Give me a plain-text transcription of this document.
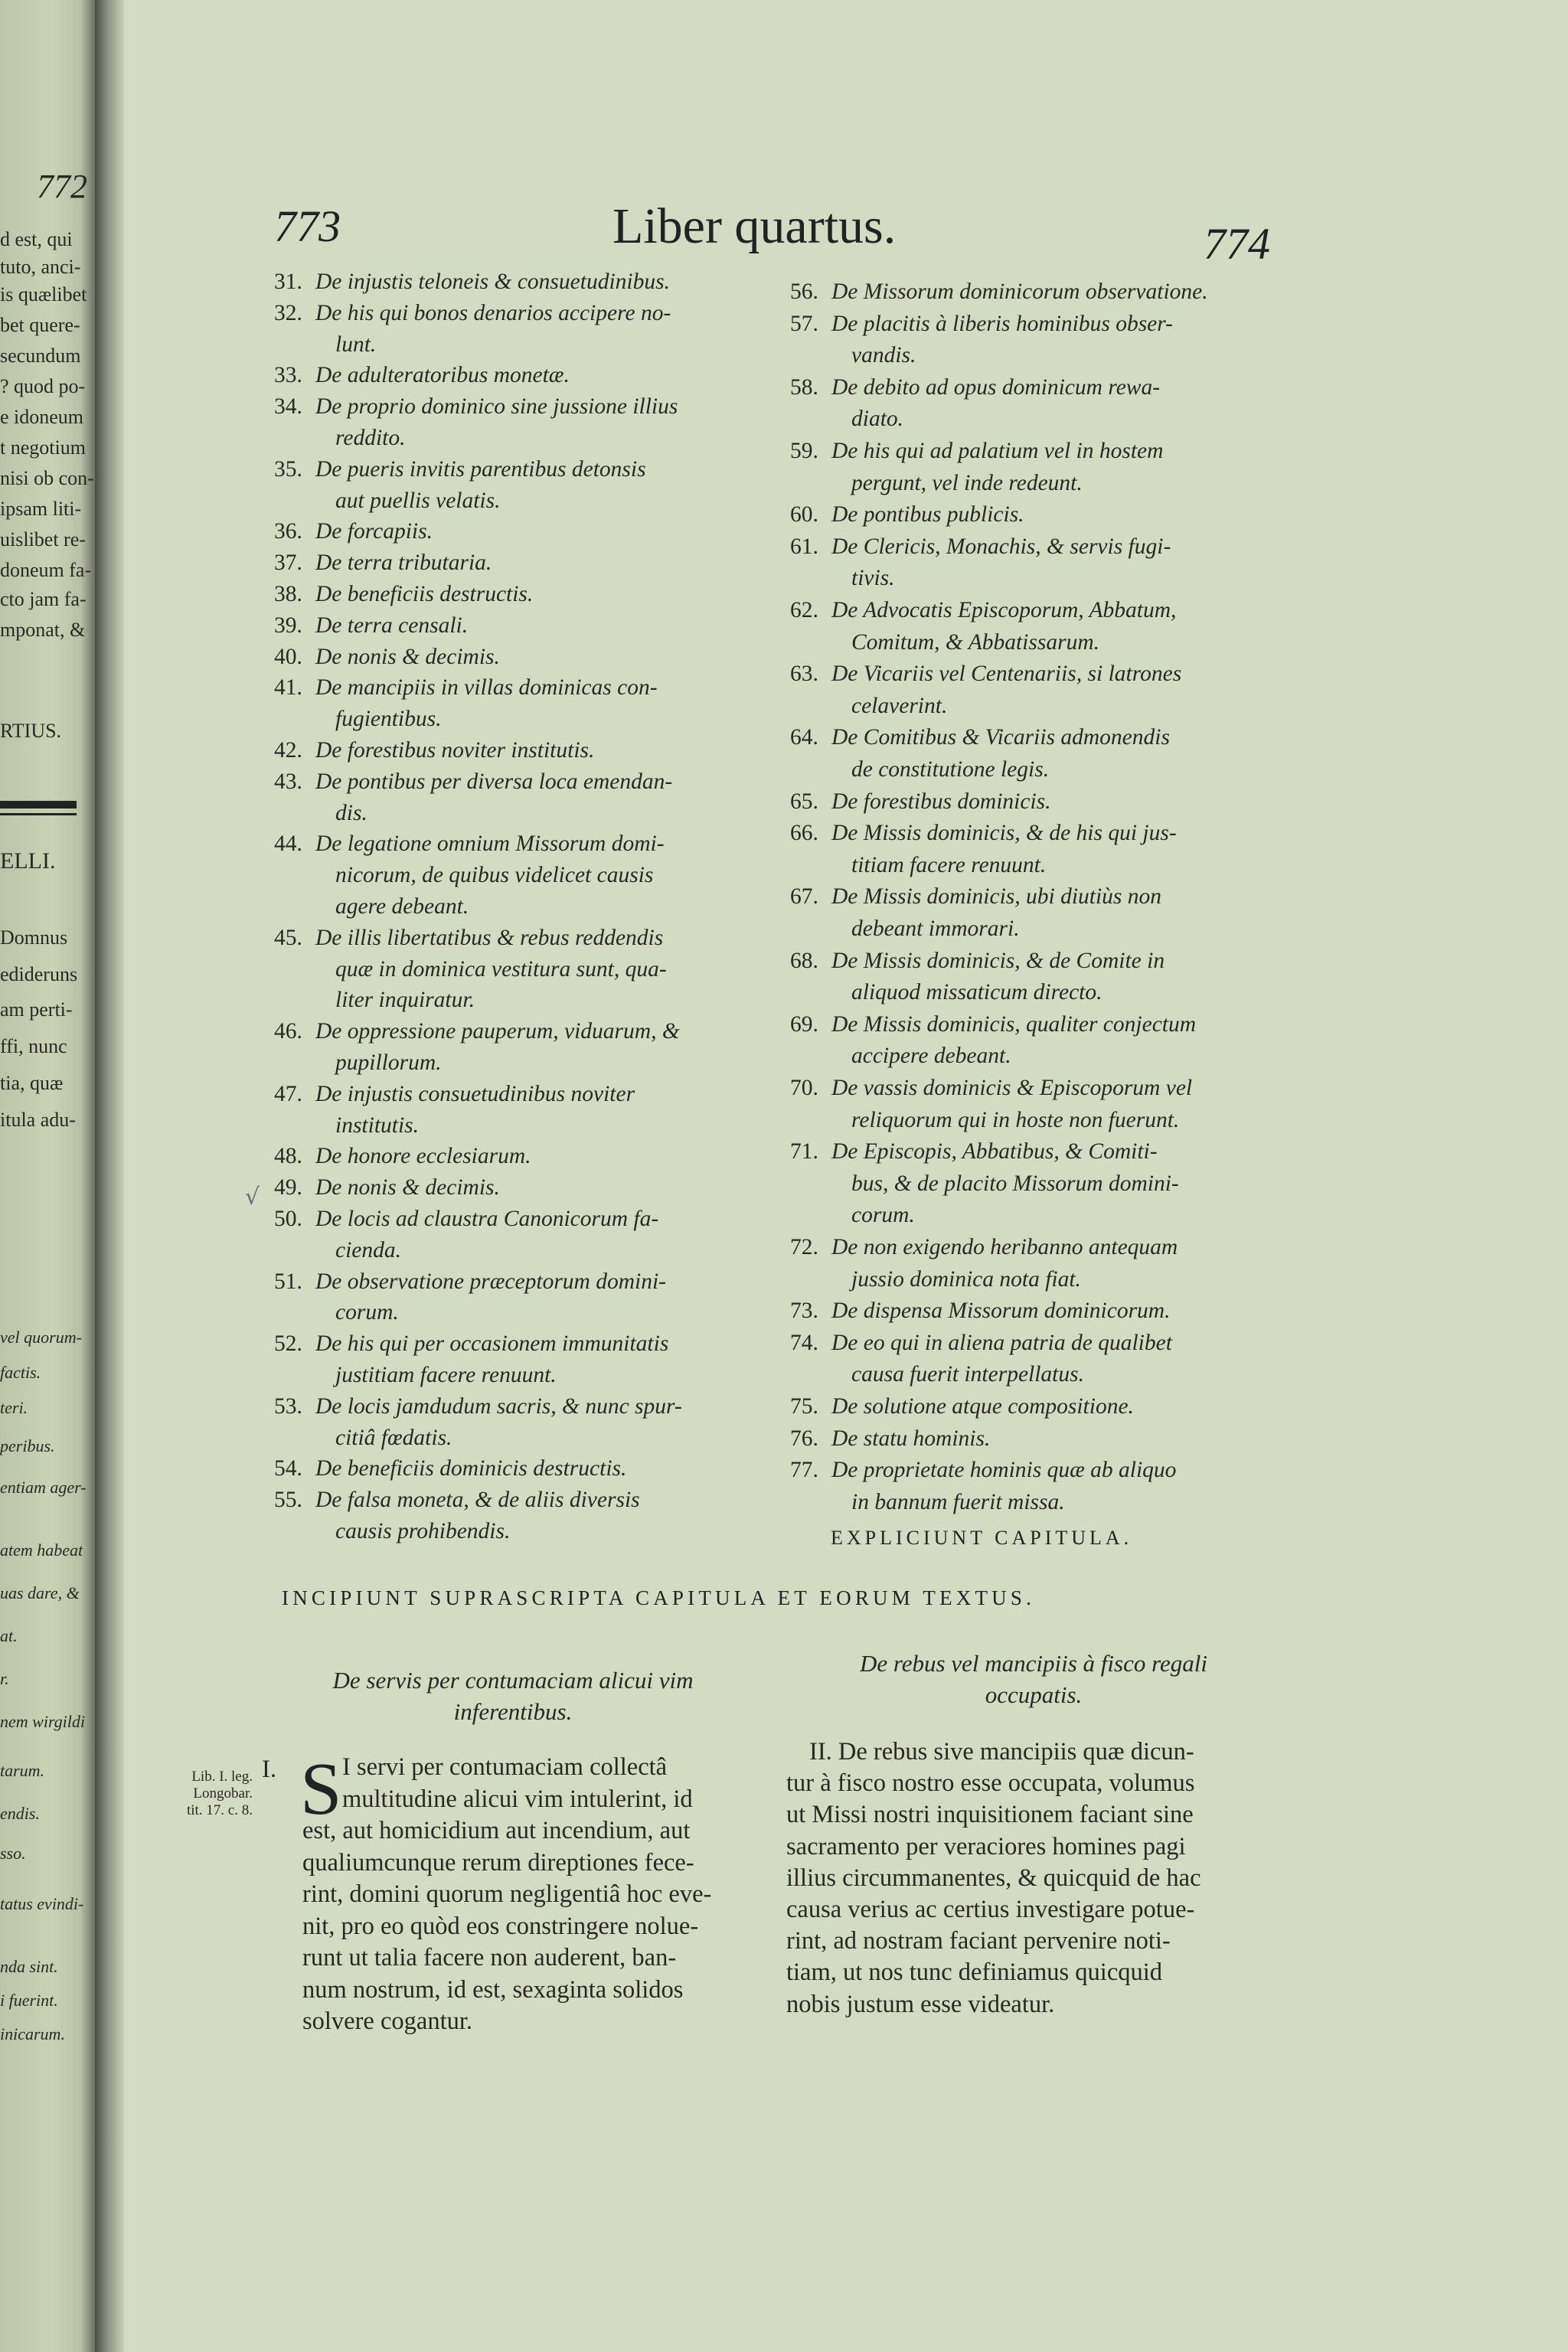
772
d est, qui
tuto, anci-
is quælibet
bet quere-
secundum
? quod po-
e idoneum
t negotium
nisi ob con-
ipsam liti-
uislibet re-
doneum fa-
cto jam fa-
mponat, &
RTIUS.
ELLI.
Domnus
edideruns
am perti-
ffi, nunc
tia, quæ
itula adu-
vel quorum-
factis.
teri.
peribus.
entiam ager-
atem habeat
uas dare, &
at.
r.
nem wirgildi
tarum.
endis.
sso.
tatus evindi-
nda sint.
i fuerint.
inicarum.
773	Liber quartus.	774
31. De injustis teloneis & consuetudinibus.
32. De his qui bonos denarios accipere no-
lunt.
33. De adulteratoribus monetæ.
34. De proprio dominico sine jussione illius
reddito.
35. De pueris invitis parentibus detonsis
aut puellis velatis.
36. De forcapiis.
37. De terra tributaria.
38. De beneficiis destructis.
39. De terra censali.
40. De nonis & decimis.
41. De mancipiis in villas dominicas con-
fugientibus.
42. De forestibus noviter institutis.
43. De pontibus per diversa loca emendan-
dis.
44. De legatione omnium Missorum domi-
nicorum, de quibus videlicet causis
agere debeant.
45. De illis libertatibus & rebus reddendis
quæ in dominica vestitura sunt, qua-
liter inquiratur.
46. De oppressione pauperum, viduarum, &
pupillorum.
47. De injustis consuetudinibus noviter
institutis.
48. De honore ecclesiarum.
49. De nonis & decimis.
50. De locis ad claustra Canonicorum fa-
cienda.
51. De observatione præceptorum domini-
corum.
52. De his qui per occasionem immunitatis
justitiam facere renuunt.
53. De locis jamdudum sacris, & nunc spur-
citiâ fœdatis.
54. De beneficiis dominicis destructis.
55. De falsa moneta, & de aliis diversis
causis prohibendis.
56. De Missorum dominicorum observatione.
57. De placitis à liberis hominibus obser-
vandis.
58. De debito ad opus dominicum rewa-
diato.
59. De his qui ad palatium vel in hostem
pergunt, vel inde redeunt.
60. De pontibus publicis.
61. De Clericis, Monachis, & servis fugi-
tivis.
62. De Advocatis Episcoporum, Abbatum,
Comitum, & Abbatissarum.
63. De Vicariis vel Centenariis, si latrones
celaverint.
64. De Comitibus & Vicariis admonendis
de constitutione legis.
65. De forestibus dominicis.
66. De Missis dominicis, & de his qui jus-
titiam facere renuunt.
67. De Missis dominicis, ubi diutiùs non
debeant immorari.
68. De Missis dominicis, & de Comite in
aliquod missaticum directo.
69. De Missis dominicis, qualiter conjectum
accipere debeant.
70. De vassis dominicis & Episcoporum vel
reliquorum qui in hoste non fuerunt.
71. De Episcopis, Abbatibus, & Comiti-
bus, & de placito Missorum domini-
corum.
72. De non exigendo heribanno antequam
jussio dominica nota fiat.
73. De dispensa Missorum dominicorum.
74. De eo qui in aliena patria de qualibet
causa fuerit interpellatus.
75. De solutione atque compositione.
76. De statu hominis.
77. De proprietate hominis quæ ab aliquo
in bannum fuerit missa.
√
EXPLICIUNT CAPITULA.
INCIPIUNT SUPRASCRIPTA CAPITULA ET EORUM TEXTUS.
De servis per contumaciam alicui vim
inferentibus.
De rebus vel mancipiis à fisco regali
occupatis.
Lib. I. leg.
Longobar.
tit. 17. c. 8.
I. S I servi per contumaciam collectâ
multitudine alicui vim intulerint, id
est, aut homicidium aut incendium, aut
qualiumcunque rerum direptiones fece-
rint, domini quorum negligentiâ hoc eve-
nit, pro eo quòd eos constringere nolue-
runt ut talia facere non auderent, ban-
num nostrum, id est, sexaginta solidos
solvere cogantur.
II. De rebus sive mancipiis quæ dicun-
tur à fisco nostro esse occupata, volumus
ut Missi nostri inquisitionem faciant sine
sacramento per veraciores homines pagi
illius circummanentes, & quicquid de hac
causa verius ac certius investigare potue-
rint, ad nostram faciant pervenire noti-
tiam, ut nos tunc definiamus quicquid
nobis justum esse videatur.
